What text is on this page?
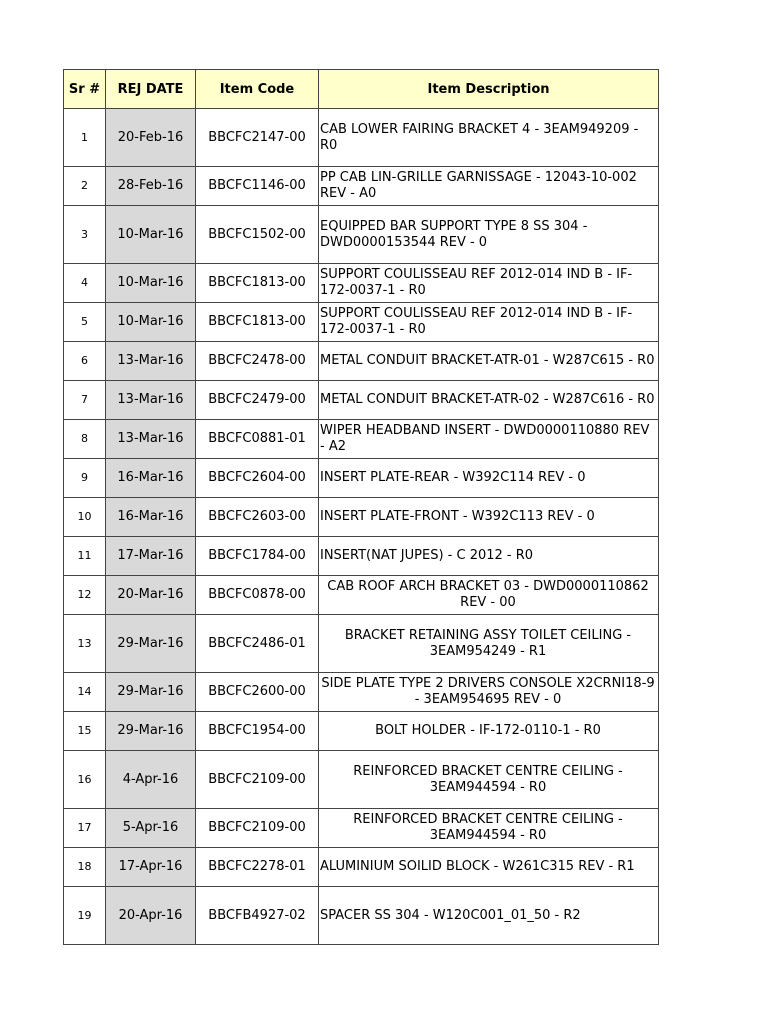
Sr #	REJ DATE	Item Code	Item Description
1	20-Feb-16	BBCFC2147-00	CAB LOWER FAIRING BRACKET 4 - 3EAM949209 - R0
2	28-Feb-16	BBCFC1146-00	PP CAB LIN-GRILLE GARNISSAGE - 12043-10-002 REV - A0
3	10-Mar-16	BBCFC1502-00	EQUIPPED BAR SUPPORT TYPE 8 SS 304 - DWD0000153544 REV - 0
4	10-Mar-16	BBCFC1813-00	SUPPORT COULISSEAU REF 2012-014 IND B - IF-172-0037-1 - R0
5	10-Mar-16	BBCFC1813-00	SUPPORT COULISSEAU REF 2012-014 IND B - IF-172-0037-1 - R0
6	13-Mar-16	BBCFC2478-00	METAL CONDUIT BRACKET-ATR-01 - W287C615 - R0
7	13-Mar-16	BBCFC2479-00	METAL CONDUIT BRACKET-ATR-02 - W287C616 - R0
8	13-Mar-16	BBCFC0881-01	WIPER HEADBAND INSERT - DWD0000110880 REV - A2
9	16-Mar-16	BBCFC2604-00	INSERT PLATE-REAR - W392C114 REV - 0
10	16-Mar-16	BBCFC2603-00	INSERT PLATE-FRONT - W392C113 REV - 0
11	17-Mar-16	BBCFC1784-00	INSERT(NAT JUPES) - C 2012 - R0
12	20-Mar-16	BBCFC0878-00	CAB ROOF ARCH BRACKET 03 - DWD0000110862 REV - 00
13	29-Mar-16	BBCFC2486-01	BRACKET RETAINING ASSY TOILET CEILING - 3EAM954249 - R1
14	29-Mar-16	BBCFC2600-00	SIDE PLATE TYPE 2 DRIVERS CONSOLE X2CRNI18-9 - 3EAM954695 REV - 0
15	29-Mar-16	BBCFC1954-00	BOLT HOLDER - IF-172-0110-1 - R0
16	4-Apr-16	BBCFC2109-00	REINFORCED BRACKET CENTRE CEILING - 3EAM944594 - R0
17	5-Apr-16	BBCFC2109-00	REINFORCED BRACKET CENTRE CEILING - 3EAM944594 - R0
18	17-Apr-16	BBCFC2278-01	ALUMINIUM SOILID BLOCK - W261C315 REV - R1
19	20-Apr-16	BBCFB4927-02	SPACER SS 304 - W120C001_01_50 - R2
